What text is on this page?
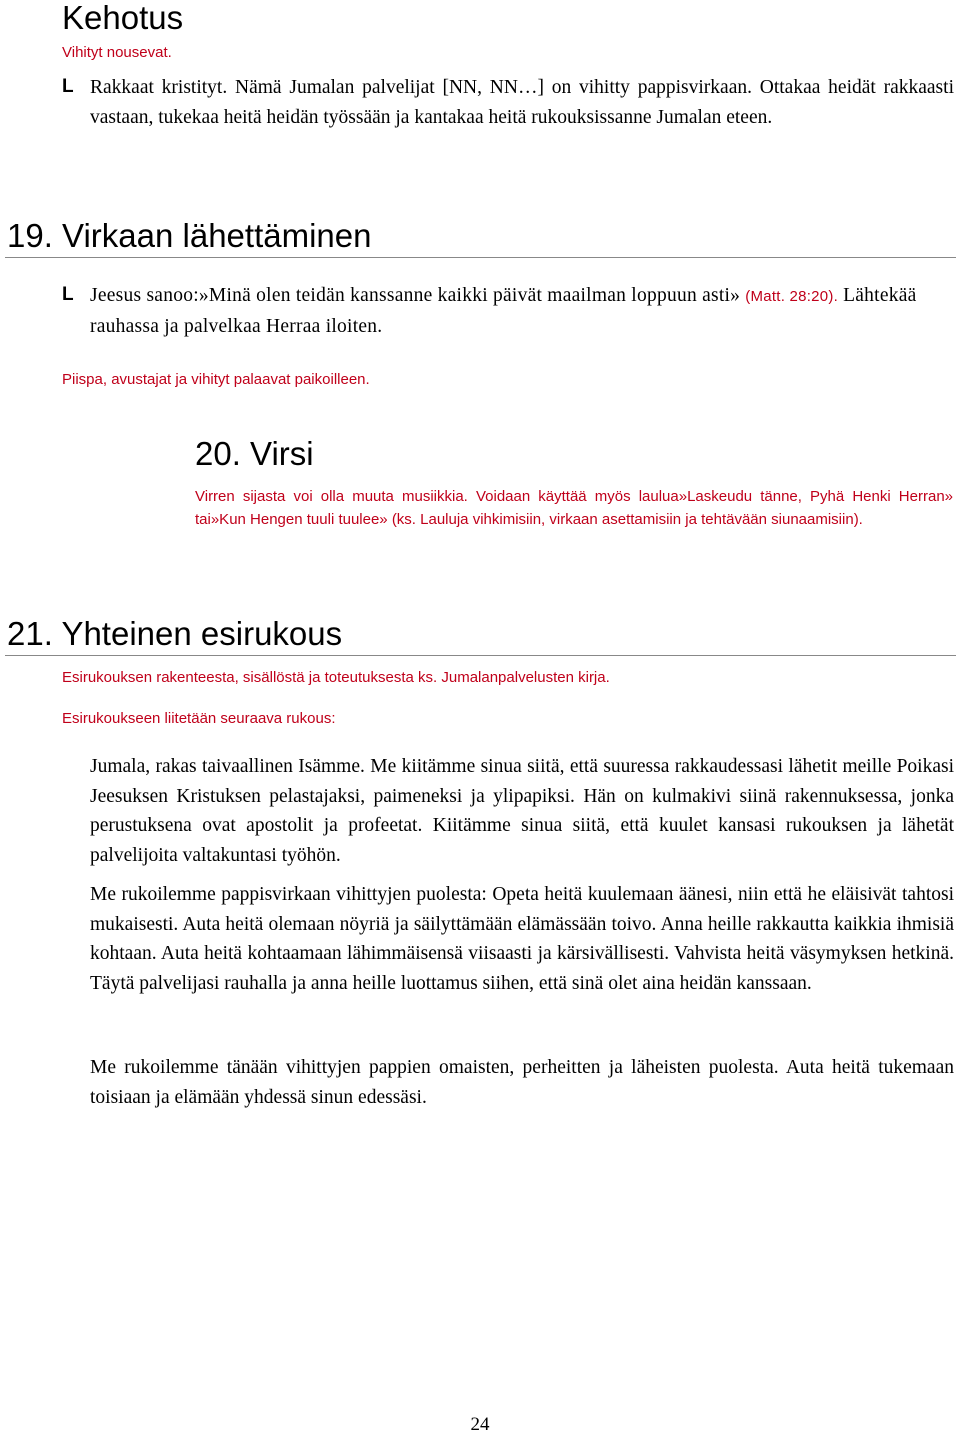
Kehotus

Vihityt nousevat.

L Rakkaat kristityt. Nämä Jumalan palvelijat [NN, NN…] on vihitty pappisvirkaan. Ottakaa heidät rakkaasti vastaan, tukekaa heitä heidän työssään ja kantakaa heitä rukouksissanne Jumalan eteen.

19. Virkaan lähettäminen
L Jeesus sanoo:»Minä olen teidän kanssanne kaikki päivät maailman loppuun asti» (Matt. 28:20). Lähtekää rauhassa ja palvelkaa Herraa iloiten.

Piispa, avustajat ja vihityt palaavat paikoilleen.

20. Virsi

Virren sijasta voi olla muuta musiikkia. Voidaan käyttää myös laulua»Laskeudu tänne, Pyhä Henki Herran» tai»Kun Hengen tuuli tuulee» (ks. Lauluja vihkimisiin, virkaan asettamisiin ja tehtävään siunaamisiin).

21. Yhteinen esirukous

Esirukouksen rakenteesta, sisällöstä ja toteutuksesta ks. Jumalanpalvelusten kirja.

Esirukoukseen liitetään seuraava rukous:

Jumala, rakas taivaallinen Isämme. Me kiitämme sinua siitä, että suuressa rakkaudessasi lähetit meille Poikasi Jeesuksen Kristuksen pelastajaksi, paimeneksi ja ylipapiksi. Hän on kulmakivi siinä rakennuksessa, jonka perustuksena ovat apostolit ja profeetat. Kiitämme sinua siitä, että kuulet kansasi rukouksen ja lähetät palvelijoita valtakuntasi työhön.

Me rukoilemme pappisvirkaan vihittyjen puolesta: Opeta heitä kuulemaan äänesi, niin että he eläisivät tahtosi mukaisesti. Auta heitä olemaan nöyriä ja säilyttämään elämässään toivo. Anna heille rakkautta kaikkia ihmisiä kohtaan. Auta heitä kohtaamaan lähimmäisensä viisaasti ja kärsivällisesti. Vahvista heitä väsymyksen hetkinä. Täytä palvelijasi rauhalla ja anna heille luottamus siihen, että sinä olet aina heidän kanssaan.

Me rukoilemme tänään vihittyjen pappien omaisten, perheitten ja läheisten puolesta. Auta heitä tukemaan toisiaan ja elämään yhdessä sinun edessäsi.

24
